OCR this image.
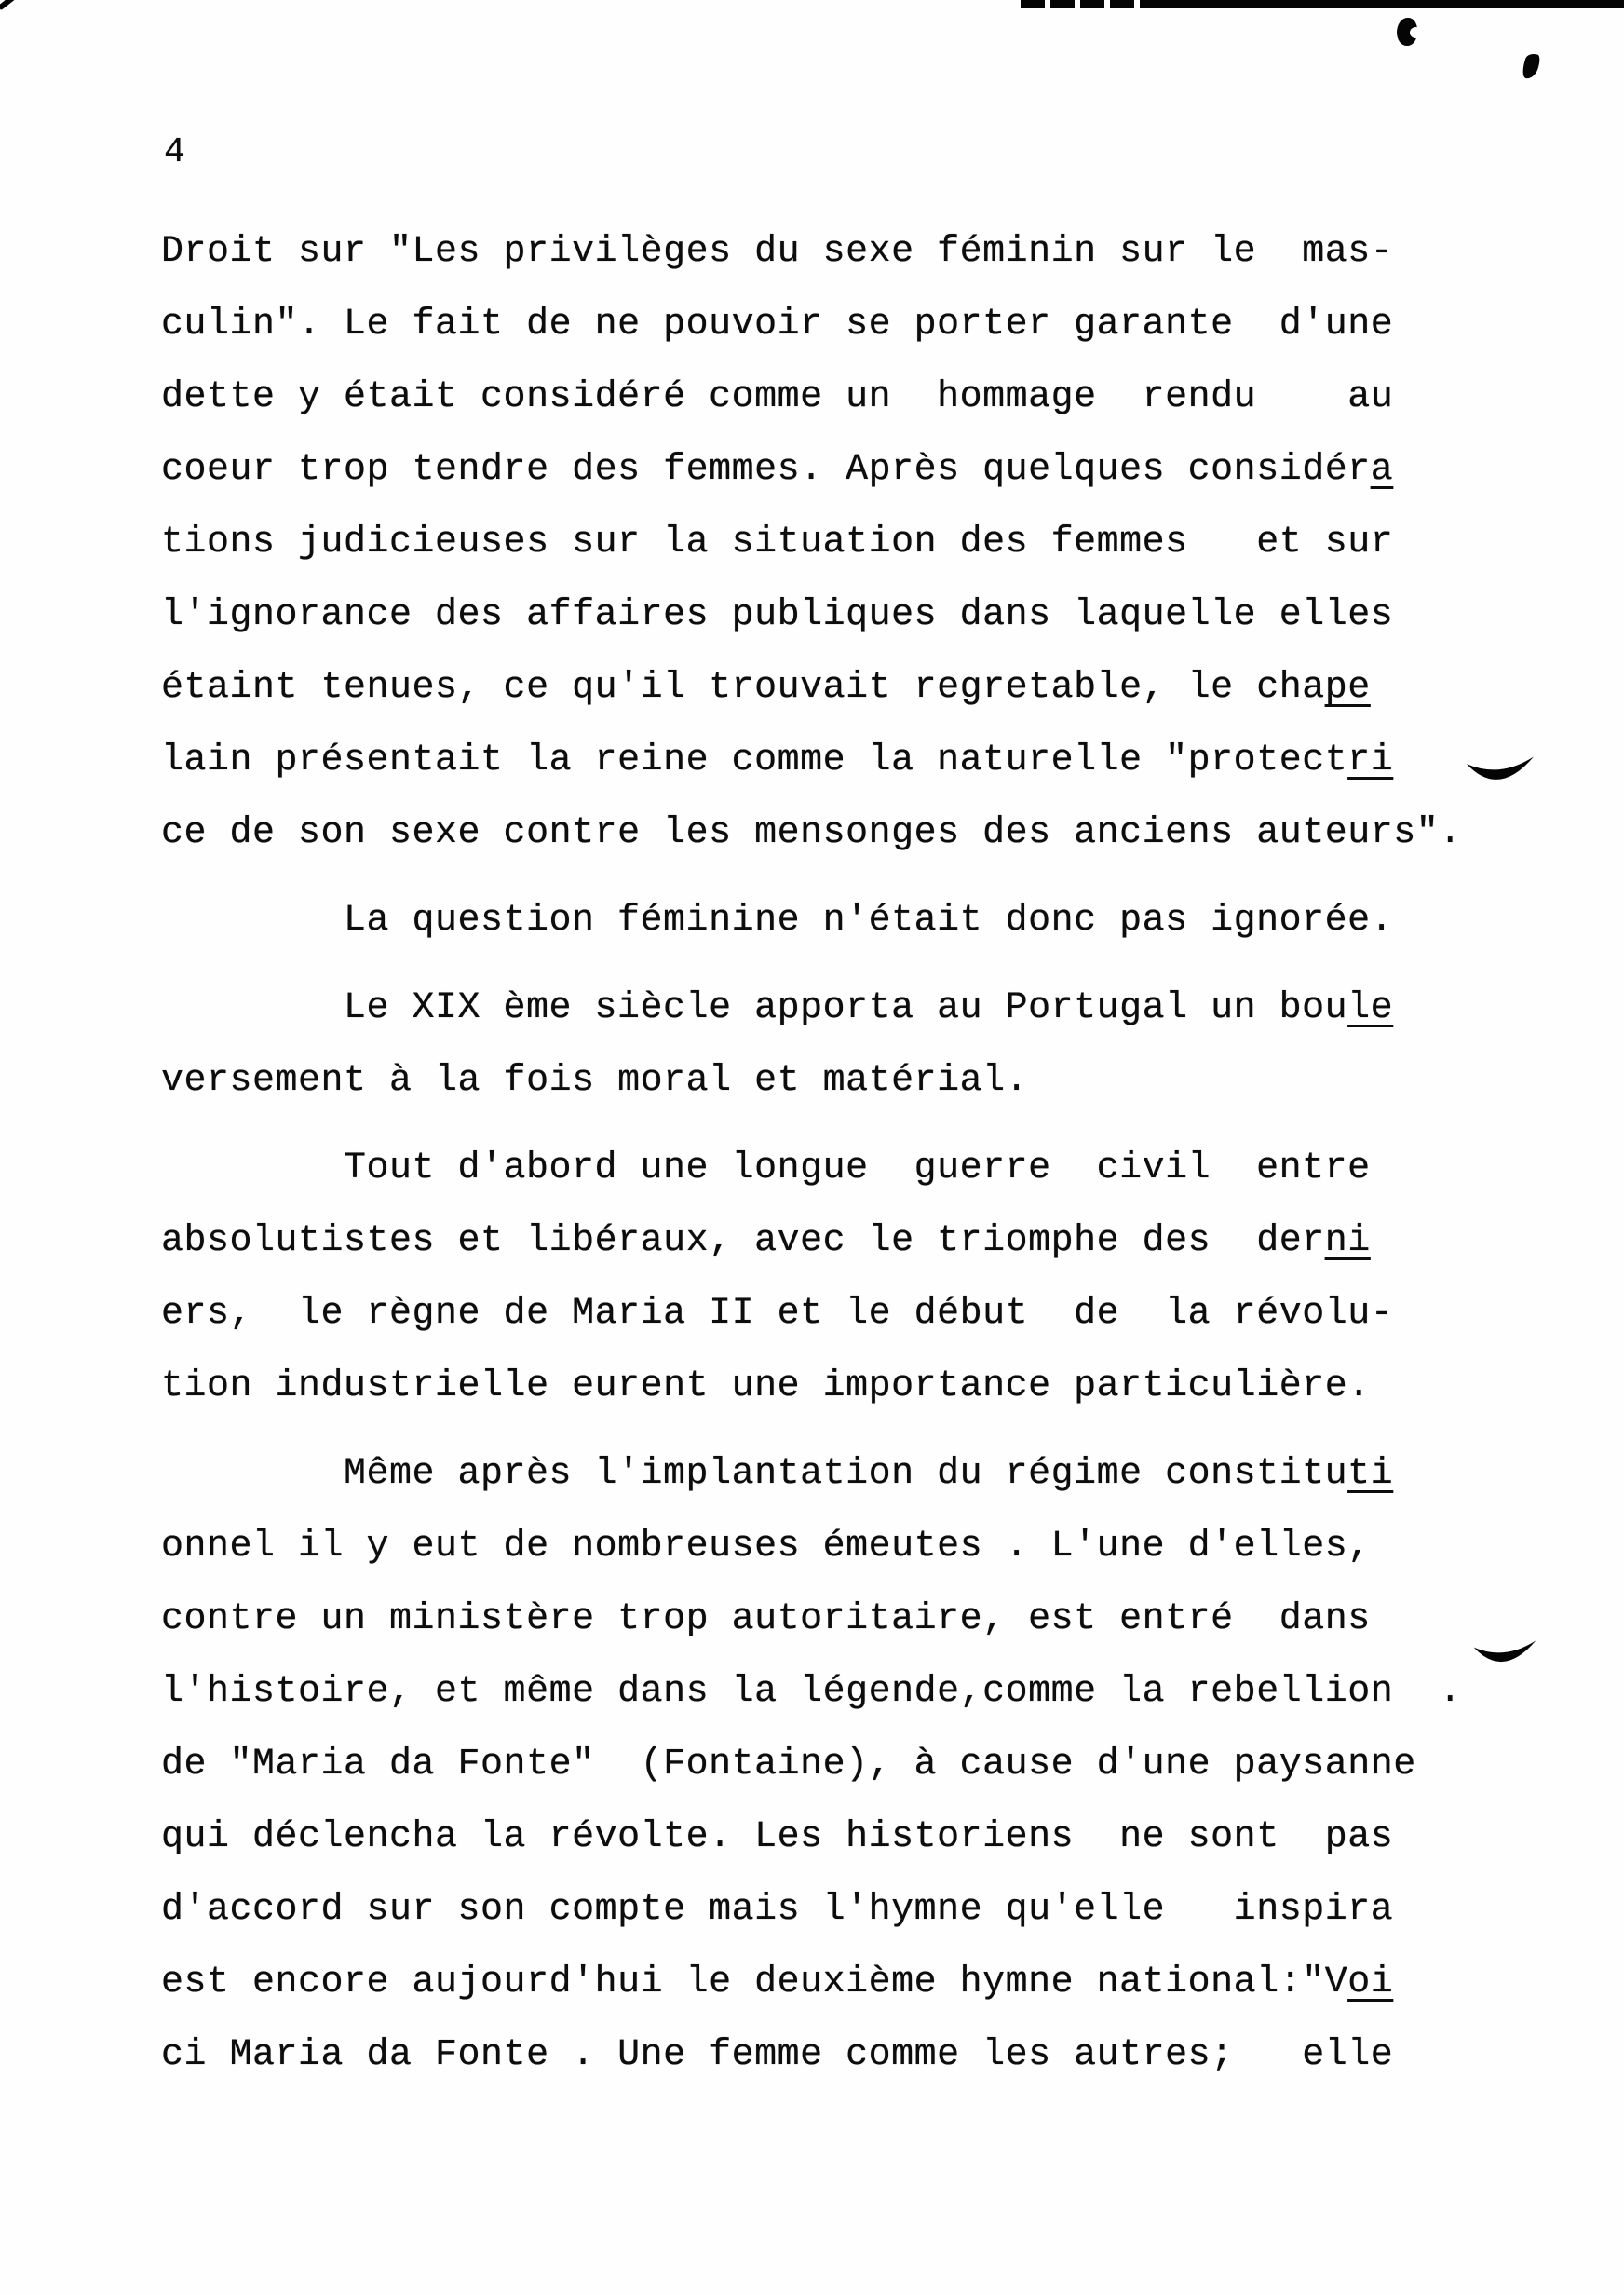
4
Droit sur "Les privilèges du sexe féminin sur le  mas-
culin". Le fait de ne pouvoir se porter garante  d'une
dette y était considéré comme un  hommage  rendu    au
coeur trop tendre des femmes. Après quelques considéra
tions judicieuses sur la situation des femmes   et sur
l'ignorance des affaires publiques dans laquelle elles
étaint tenues, ce qu'il trouvait regretable, le chape
lain présentait la reine comme la naturelle "protectri
ce de son sexe contre les mensonges des anciens auteurs".
La question féminine n'était donc pas ignorée.
Le XIX ème siècle apporta au Portugal un boule
versement à la fois moral et matérial.
Tout d'abord une longue  guerre  civil  entre
absolutistes et libéraux, avec le triomphe des  derni
ers,  le règne de Maria II et le début  de  la révolu-
tion industrielle eurent une importance particulière.
Même après l'implantation du régime constituti
onnel il y eut de nombreuses émeutes . L'une d'elles,
contre un ministère trop autoritaire, est entré  dans
l'histoire, et même dans la légende,comme la rebellion  .
de "Maria da Fonte"  (Fontaine), à cause d'une paysanne
qui déclencha la révolte. Les historiens  ne sont  pas
d'accord sur son compte mais l'hymne qu'elle   inspira
est encore aujourd'hui le deuxième hymne national:"Voi
ci Maria da Fonte . Une femme comme les autres;   elle
